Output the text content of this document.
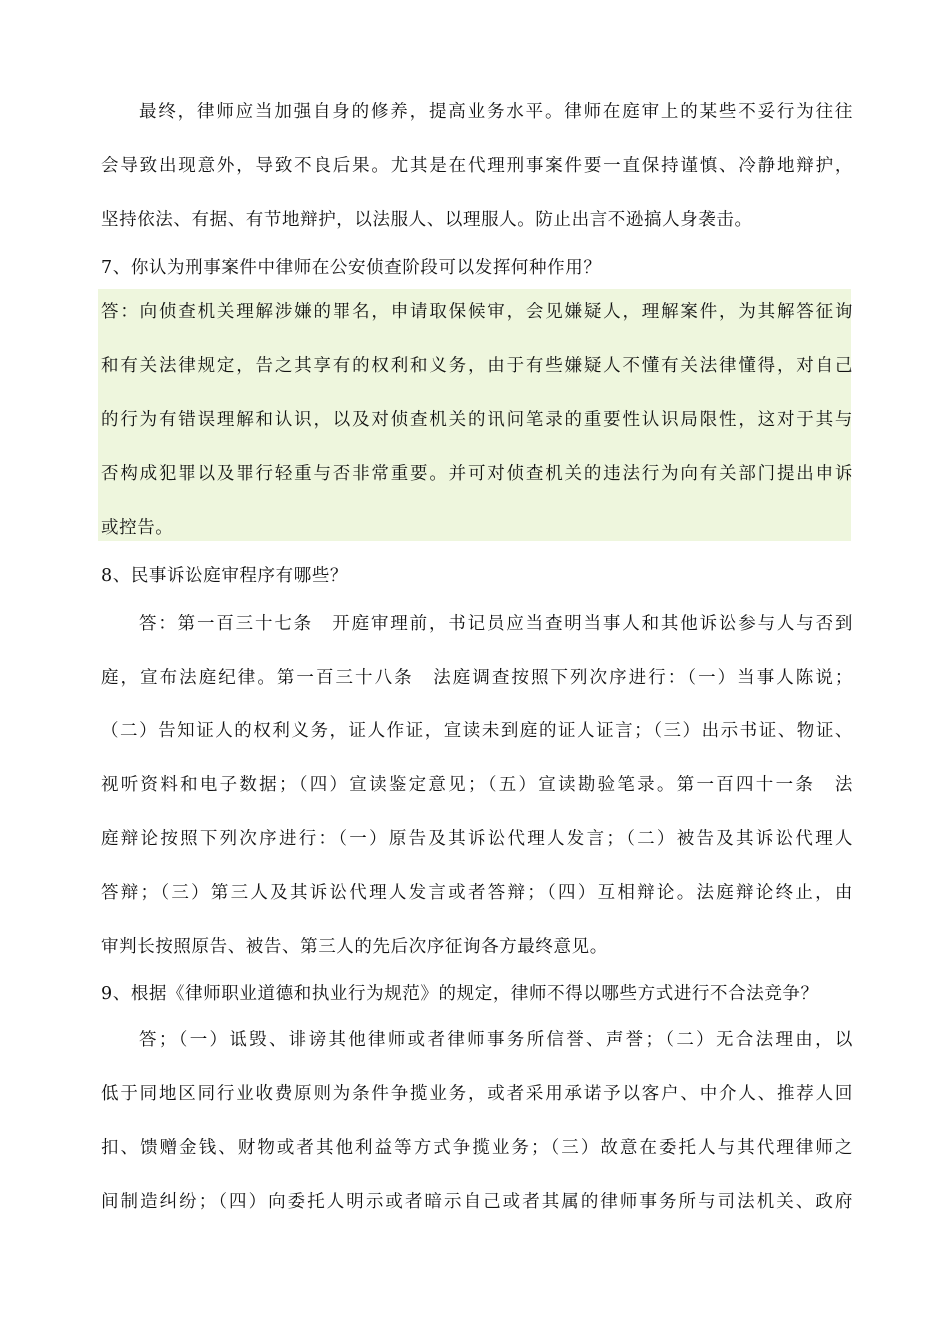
最终，律师应当加强自身的修养，提高业务水平。律师在庭审上的某些不妥行为往往
会导致出现意外，导致不良后果。尤其是在代理刑事案件要一直保持谨慎、冷静地辩护，
坚持依法、有据、有节地辩护，以法服人、以理服人。防止出言不逊搞人身袭击。
7、你认为刑事案件中律师在公安侦查阶段可以发挥何种作用？
答：向侦查机关理解涉嫌的罪名，申请取保候审，会见嫌疑人，理解案件，为其解答征询
和有关法律规定，告之其享有的权利和义务，由于有些嫌疑人不懂有关法律懂得，对自己
的行为有错误理解和认识，以及对侦查机关的讯问笔录的重要性认识局限性，这对于其与
否构成犯罪以及罪行轻重与否非常重要。并可对侦查机关的违法行为向有关部门提出申诉
或控告。
8、民事诉讼庭审程序有哪些？
答：第一百三十七条　开庭审理前，书记员应当查明当事人和其他诉讼参与人与否到
庭，宣布法庭纪律。第一百三十八条　法庭调查按照下列次序进行：（一）当事人陈说；
（二）告知证人的权利义务，证人作证，宣读未到庭的证人证言；（三）出示书证、物证、
视听资料和电子数据；（四）宣读鉴定意见；（五）宣读勘验笔录。第一百四十一条　法
庭辩论按照下列次序进行：（一）原告及其诉讼代理人发言；（二）被告及其诉讼代理人
答辩；（三）第三人及其诉讼代理人发言或者答辩；（四）互相辩论。法庭辩论终止，由
审判长按照原告、被告、第三人的先后次序征询各方最终意见。
9、根据《律师职业道德和执业行为规范》的规定，律师不得以哪些方式进行不合法竞争？
答；（一）诋毁、诽谤其他律师或者律师事务所信誉、声誉；（二）无合法理由，以
低于同地区同行业收费原则为条件争揽业务，或者采用承诺予以客户、中介人、推荐人回
扣、馈赠金钱、财物或者其他利益等方式争揽业务；（三）故意在委托人与其代理律师之
间制造纠纷；（四）向委托人明示或者暗示自己或者其属的律师事务所与司法机关、政府
